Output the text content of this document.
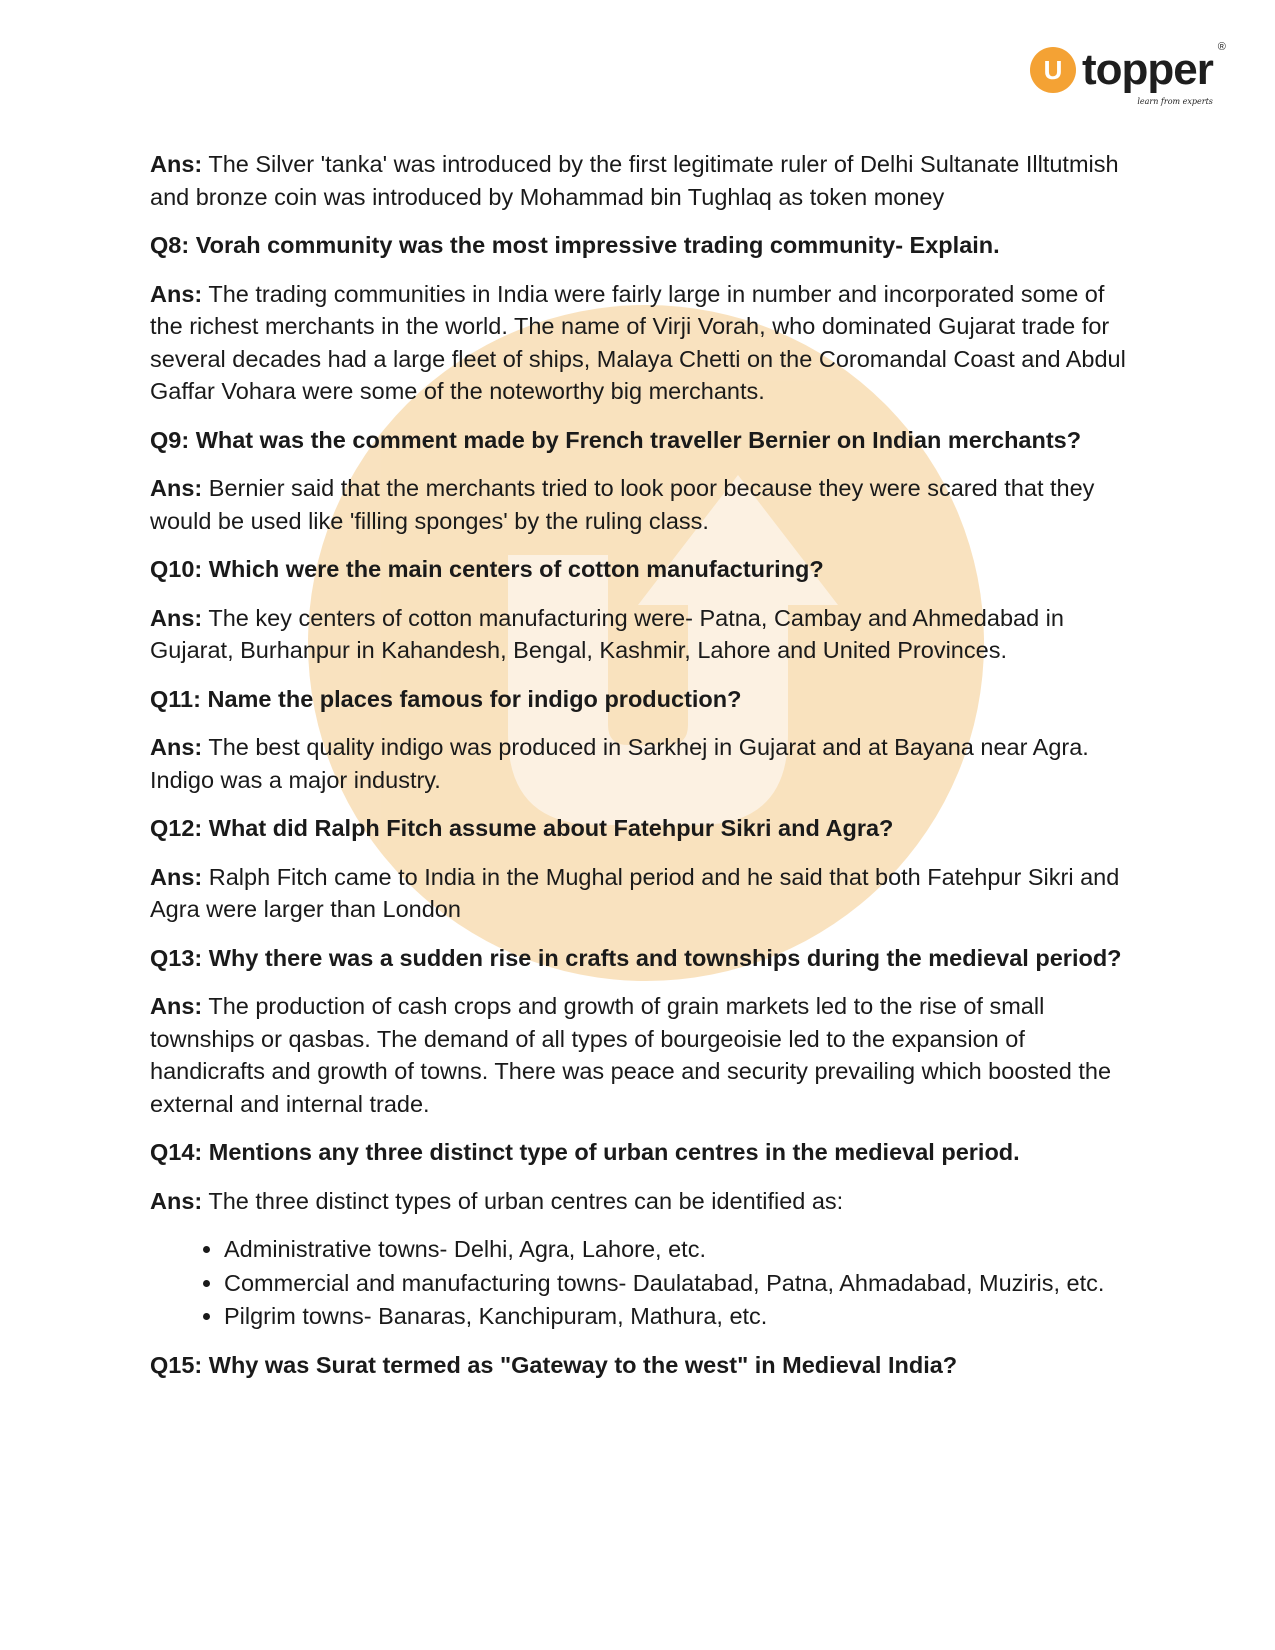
U topper ®
learn from experts

Ans: The Silver 'tanka' was introduced by the first legitimate ruler of Delhi Sultanate Illtutmish and bronze coin was introduced by Mohammad bin Tughlaq as token money

Q8: Vorah community was the most impressive trading community- Explain.

Ans: The trading communities in India were fairly large in number and incorporated some of the richest merchants in the world. The name of Virji Vorah, who dominated Gujarat trade for several decades had a large fleet of ships, Malaya Chetti on the Coromandal Coast and Abdul Gaffar Vohara were some of the noteworthy big merchants.

Q9: What was the comment made by French traveller Bernier on Indian merchants?

Ans: Bernier said that the merchants tried to look poor because they were scared that they would be used like 'filling sponges' by the ruling class.

Q10: Which were the main centers of cotton manufacturing?

Ans: The key centers of cotton manufacturing were- Patna, Cambay and Ahmedabad in Gujarat, Burhanpur in Kahandesh, Bengal, Kashmir, Lahore and United Provinces.

Q11: Name the places famous for indigo production?

Ans: The best quality indigo was produced in Sarkhej in Gujarat and at Bayana near Agra. Indigo was a major industry.

Q12: What did Ralph Fitch assume about Fatehpur Sikri and Agra?

Ans: Ralph Fitch came to India in the Mughal period and he said that both Fatehpur Sikri and Agra were larger than London

Q13: Why there was a sudden rise in crafts and townships during the medieval period?

Ans: The production of cash crops and growth of grain markets led to the rise of small townships or qasbas. The demand of all types of bourgeoisie led to the expansion of handicrafts and growth of towns. There was peace and security prevailing which boosted the external and internal trade.

Q14: Mentions any three distinct type of urban centres in the medieval period.

Ans: The three distinct types of urban centres can be identified as:

• Administrative towns- Delhi, Agra, Lahore, etc.
• Commercial and manufacturing towns- Daulatabad, Patna, Ahmadabad, Muziris, etc.
• Pilgrim towns- Banaras, Kanchipuram, Mathura, etc.

Q15: Why was Surat termed as "Gateway to the west" in Medieval India?
